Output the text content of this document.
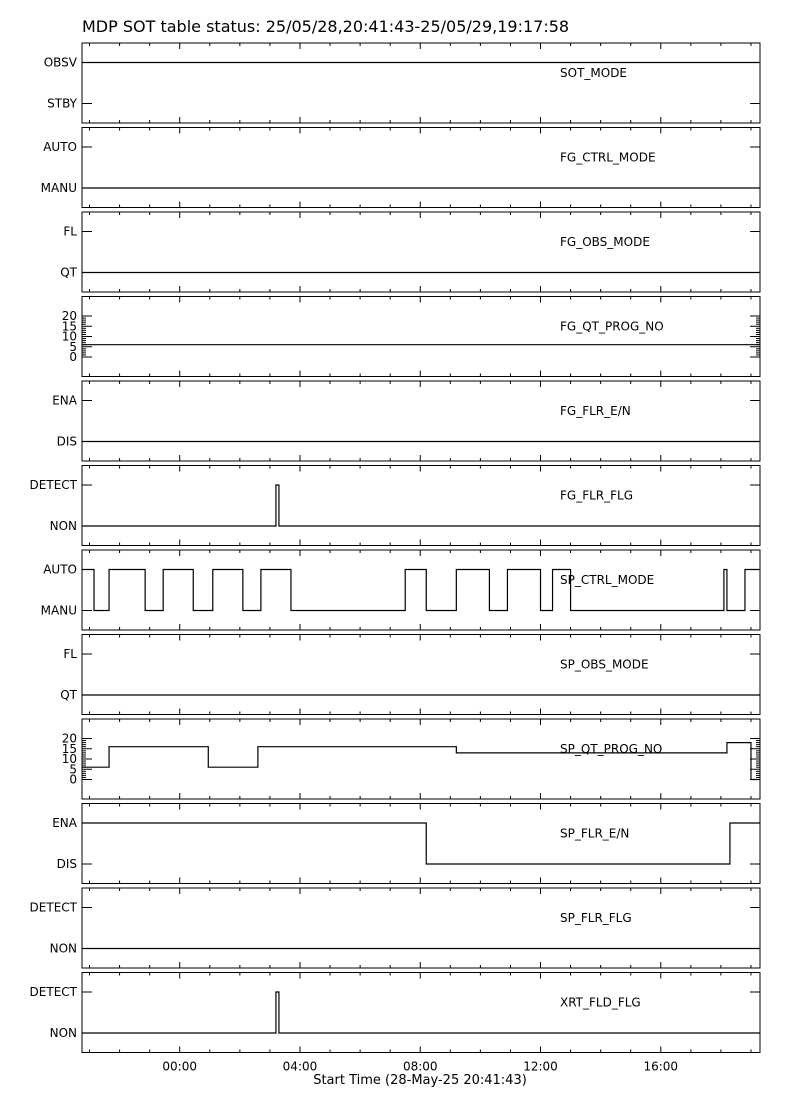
MDP SOT table status: 25/05/28,20:41:43-25/05/29,19:17:58
Start Time (28-May-25 20:41:43)
STBY
OBSV
SOT_MODE
MANU
AUTO
FG_CTRL_MODE
QT
FL
FG_OBS_MODE
0
5
10
15
20
FG_QT_PROG_NO
DIS
ENA
FG_FLR_E/N
NON
DETECT
FG_FLR_FLG
MANU
AUTO
SP_CTRL_MODE
QT
FL
SP_OBS_MODE
0
5
10
15
20
SP_QT_PROG_NO
DIS
ENA
SP_FLR_E/N
NON
DETECT
SP_FLR_FLG
NON
DETECT
XRT_FLD_FLG
00:00	04:00	08:00	12:00	16:00
